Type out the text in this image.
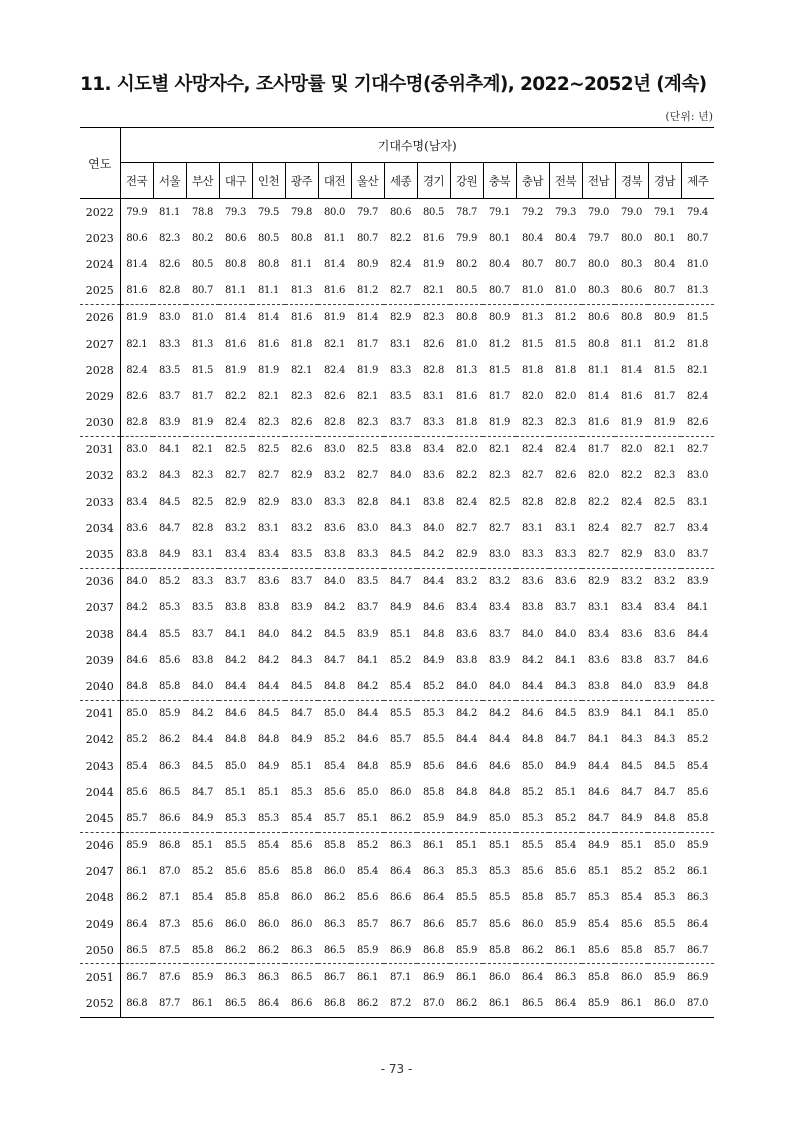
11. 시도별 사망자수, 조사망률 및 기대수명(중위추계), 2022~2052년 (계속)
(단위: 년)
연도	기대수명(남자)																	
	전국	서울	부산	대구	인천	광주	대전	울산	세종	경기	강원	충북	충남	전북	전남	경북	경남	제주
2022	79.9	81.1	78.8	79.3	79.5	79.8	80.0	79.7	80.6	80.5	78.7	79.1	79.2	79.3	79.0	79.0	79.1	79.4
2023	80.6	82.3	80.2	80.6	80.5	80.8	81.1	80.7	82.2	81.6	79.9	80.1	80.4	80.4	79.7	80.0	80.1	80.7
2024	81.4	82.6	80.5	80.8	80.8	81.1	81.4	80.9	82.4	81.9	80.2	80.4	80.7	80.7	80.0	80.3	80.4	81.0
2025	81.6	82.8	80.7	81.1	81.1	81.3	81.6	81.2	82.7	82.1	80.5	80.7	81.0	81.0	80.3	80.6	80.7	81.3
2026	81.9	83.0	81.0	81.4	81.4	81.6	81.9	81.4	82.9	82.3	80.8	80.9	81.3	81.2	80.6	80.8	80.9	81.5
2027	82.1	83.3	81.3	81.6	81.6	81.8	82.1	81.7	83.1	82.6	81.0	81.2	81.5	81.5	80.8	81.1	81.2	81.8
2028	82.4	83.5	81.5	81.9	81.9	82.1	82.4	81.9	83.3	82.8	81.3	81.5	81.8	81.8	81.1	81.4	81.5	82.1
2029	82.6	83.7	81.7	82.2	82.1	82.3	82.6	82.1	83.5	83.1	81.6	81.7	82.0	82.0	81.4	81.6	81.7	82.4
2030	82.8	83.9	81.9	82.4	82.3	82.6	82.8	82.3	83.7	83.3	81.8	81.9	82.3	82.3	81.6	81.9	81.9	82.6
2031	83.0	84.1	82.1	82.5	82.5	82.6	83.0	82.5	83.8	83.4	82.0	82.1	82.4	82.4	81.7	82.0	82.1	82.7
2032	83.2	84.3	82.3	82.7	82.7	82.9	83.2	82.7	84.0	83.6	82.2	82.3	82.7	82.6	82.0	82.2	82.3	83.0
2033	83.4	84.5	82.5	82.9	82.9	83.0	83.3	82.8	84.1	83.8	82.4	82.5	82.8	82.8	82.2	82.4	82.5	83.1
2034	83.6	84.7	82.8	83.2	83.1	83.2	83.6	83.0	84.3	84.0	82.7	82.7	83.1	83.1	82.4	82.7	82.7	83.4
2035	83.8	84.9	83.1	83.4	83.4	83.5	83.8	83.3	84.5	84.2	82.9	83.0	83.3	83.3	82.7	82.9	83.0	83.7
2036	84.0	85.2	83.3	83.7	83.6	83.7	84.0	83.5	84.7	84.4	83.2	83.2	83.6	83.6	82.9	83.2	83.2	83.9
2037	84.2	85.3	83.5	83.8	83.8	83.9	84.2	83.7	84.9	84.6	83.4	83.4	83.8	83.7	83.1	83.4	83.4	84.1
2038	84.4	85.5	83.7	84.1	84.0	84.2	84.5	83.9	85.1	84.8	83.6	83.7	84.0	84.0	83.4	83.6	83.6	84.4
2039	84.6	85.6	83.8	84.2	84.2	84.3	84.7	84.1	85.2	84.9	83.8	83.9	84.2	84.1	83.6	83.8	83.7	84.6
2040	84.8	85.8	84.0	84.4	84.4	84.5	84.8	84.2	85.4	85.2	84.0	84.0	84.4	84.3	83.8	84.0	83.9	84.8
2041	85.0	85.9	84.2	84.6	84.5	84.7	85.0	84.4	85.5	85.3	84.2	84.2	84.6	84.5	83.9	84.1	84.1	85.0
2042	85.2	86.2	84.4	84.8	84.8	84.9	85.2	84.6	85.7	85.5	84.4	84.4	84.8	84.7	84.1	84.3	84.3	85.2
2043	85.4	86.3	84.5	85.0	84.9	85.1	85.4	84.8	85.9	85.6	84.6	84.6	85.0	84.9	84.4	84.5	84.5	85.4
2044	85.6	86.5	84.7	85.1	85.1	85.3	85.6	85.0	86.0	85.8	84.8	84.8	85.2	85.1	84.6	84.7	84.7	85.6
2045	85.7	86.6	84.9	85.3	85.3	85.4	85.7	85.1	86.2	85.9	84.9	85.0	85.3	85.2	84.7	84.9	84.8	85.8
2046	85.9	86.8	85.1	85.5	85.4	85.6	85.8	85.2	86.3	86.1	85.1	85.1	85.5	85.4	84.9	85.1	85.0	85.9
2047	86.1	87.0	85.2	85.6	85.6	85.8	86.0	85.4	86.4	86.3	85.3	85.3	85.6	85.6	85.1	85.2	85.2	86.1
2048	86.2	87.1	85.4	85.8	85.8	86.0	86.2	85.6	86.6	86.4	85.5	85.5	85.8	85.7	85.3	85.4	85.3	86.3
2049	86.4	87.3	85.6	86.0	86.0	86.0	86.3	85.7	86.7	86.6	85.7	85.6	86.0	85.9	85.4	85.6	85.5	86.4
2050	86.5	87.5	85.8	86.2	86.2	86.3	86.5	85.9	86.9	86.8	85.9	85.8	86.2	86.1	85.6	85.8	85.7	86.7
2051	86.7	87.6	85.9	86.3	86.3	86.5	86.7	86.1	87.1	86.9	86.1	86.0	86.4	86.3	85.8	86.0	85.9	86.9
2052	86.8	87.7	86.1	86.5	86.4	86.6	86.8	86.2	87.2	87.0	86.2	86.1	86.5	86.4	85.9	86.1	86.0	87.0
- 73 -
